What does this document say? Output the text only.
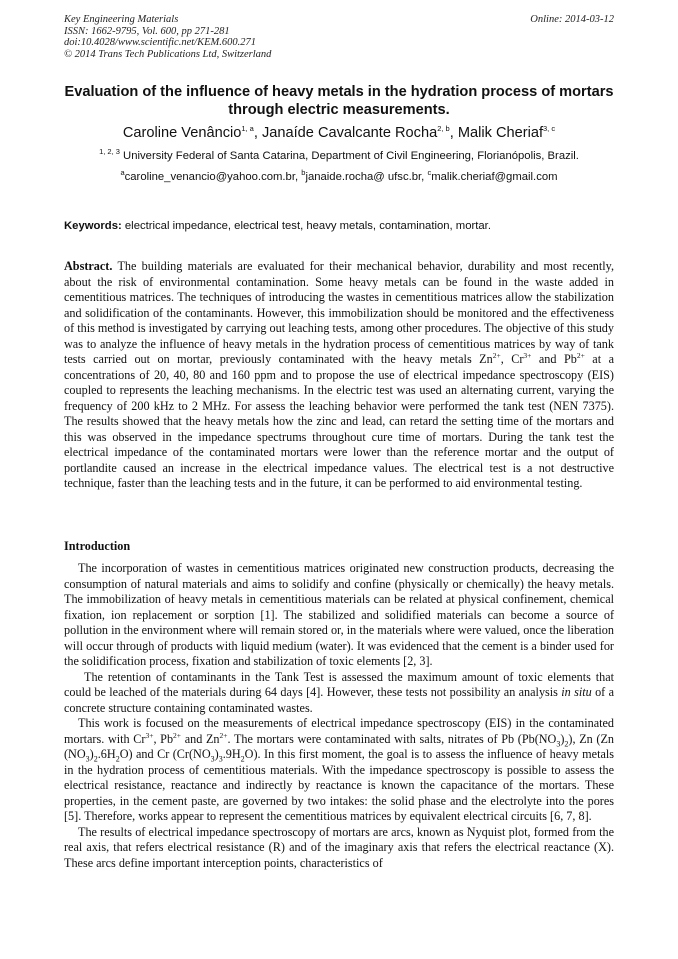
Key Engineering Materials
ISSN: 1662-9795, Vol. 600, pp 271-281
doi:10.4028/www.scientific.net/KEM.600.271
© 2014 Trans Tech Publications Ltd, Switzerland
Online: 2014-03-12
Evaluation of the influence of heavy metals in the hydration process of mortars through electric measurements.
Caroline Venâncio$^{1, a}$, Janaíde Cavalcante Rocha$^{2, b}$, Malik Cheriaf$^{3, c}$
$^{1, 2, 3}$ University Federal of Santa Catarina, Department of Civil Engineering, Florianópolis, Brazil.
$^a$caroline_venancio@yahoo.com.br, $^b$janaide.rocha@ ufsc.br, $^c$malik.cheriaf@gmail.com
Keywords: electrical impedance, electrical test, heavy metals, contamination, mortar.
Abstract. The building materials are evaluated for their mechanical behavior, durability and most recently, about the risk of environmental contamination. Some heavy metals can be found in the waste added in cementitious matrices. The techniques of introducing the wastes in cementitious matrices allow the stabilization and solidification of the contaminants. However, this immobilization should be monitored and the effectiveness of this method is investigated by carrying out leaching tests, among other procedures. The objective of this study was to analyze the influence of heavy metals in the hydration process of cementitious matrices by way of tank tests carried out on mortar, previously contaminated with the heavy metals $Zn^{2+}$, $Cr^{3+}$ and $Pb^{2+}$ at a concentrations of 20, 40, 80 and 160 ppm and to propose the use of electrical impedance spectroscopy (EIS) coupled to represents the leaching mechanisms. In the electric test was used an alternating current, varying the frequency of 200 kHz to 2 MHz. For assess the leaching behavior were performed the tank test (NEN 7375). The results showed that the heavy metals how the zinc and lead, can retard the setting time of the mortars and this was observed in the impedance spectrums throughout cure time of mortars. During the tank test the electrical impedance of the contaminated mortars were lower than the reference mortar and the output of portlandite caused an increase in the electrical impedance values. The electrical test is a not destructive technique, faster than the leaching tests and in the future, it can be performed to aid environmental testing.
Introduction

The incorporation of wastes in cementitious matrices originated new construction products, decreasing the consumption of natural materials and aims to solidify and confine (physically or chemically) the heavy metals. The immobilization of heavy metals in cementitious materials can be related at physical confinement, chemical fixation, ion replacement or sorption [1]. The stabilized and solidified materials can become a source of pollution in the environment where will remain stored or, in the materials where were valued, once the liberation will occur through of products with liquid medium (water). It was evidenced that the cement is a binder used for the solidification process, fixation and stabilization of toxic elements [2, 3].

The retention of contaminants in the Tank Test is assessed the maximum amount of toxic elements that could be leached of the materials during 64 days [4]. However, these tests not possibility an analysis in situ of a concrete structure containing contaminated wastes.

This work is focused on the measurements of electrical impedance spectroscopy (EIS) in the contaminated mortars. with $Cr^{3+}$, $Pb^{2+}$ and $Zn^{2+}$. The mortars were contaminated with salts, nitrates of Pb $(Pb(NO_3)_2)$, Zn (Zn $(NO_3)_2.6H_2O$) and Cr $(Cr(NO_3)_3.9H_2O)$. In this first moment, the goal is to assess the influence of heavy metals in the hydration process of cementitious materials. With the impedance spectroscopy is possible to assess the electrical resistance, reactance and indirectly by reactance is known the capacitance of the mortars. These properties, in the cement paste, are governed by two intakes: the solid phase and the electrolyte into the pores [5]. Therefore, works appear to represent the cementitious matrices by equivalent electrical circuits [6, 7, 8].

The results of electrical impedance spectroscopy of mortars are arcs, known as Nyquist plot, formed from the real axis, that refers electrical resistance (R) and of the imaginary axis that refers the electrical reactance (X). These arcs define important interception points, characteristics of
